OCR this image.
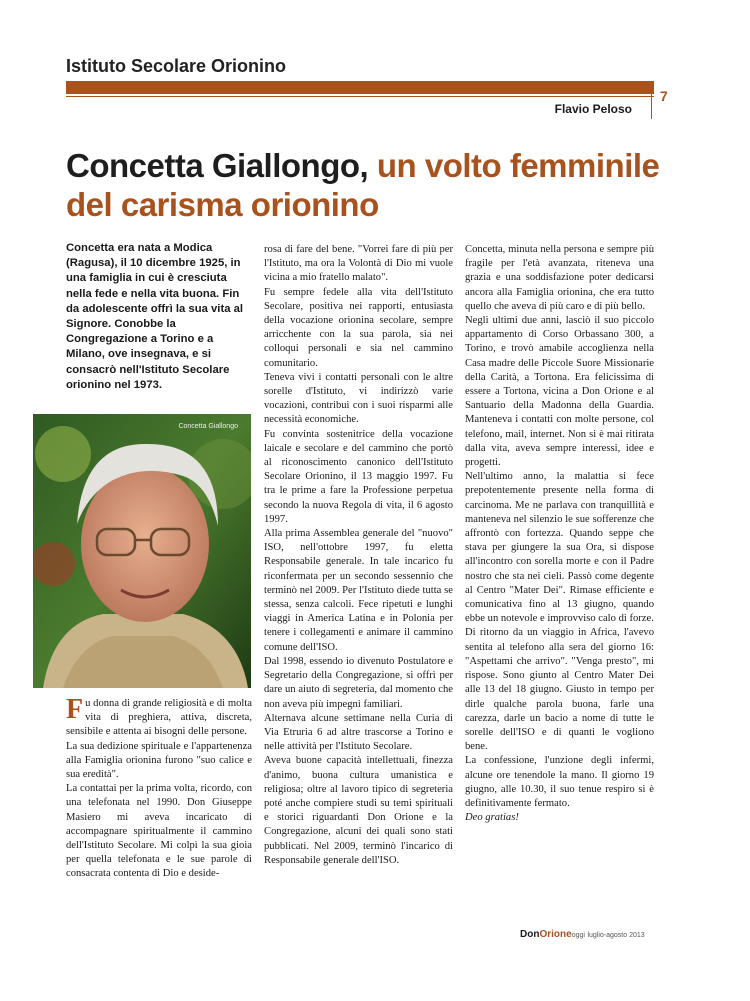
Istituto Secolare Orionino
Flavio Peloso
7
Concetta Giallongo, un volto femminile del carisma orionino
Concetta era nata a Modica (Ragusa), il 10 dicembre 1925, in una famiglia in cui è cresciuta nella fede e nella vita buona. Fin da adolescente offrì la sua vita al Signore. Conobbe la Congregazione a Torino e a Milano, ove insegnava, e si consacrò nell'Istituto Secolare orionino nel 1973.
Concetta Giallongo

Fu donna di grande religiosità e di molta vita di preghiera, attiva, discreta, sensibile e attenta ai bisogni delle persone.

La sua dedizione spirituale e l'appartenenza alla Famiglia orionina furono "suo calice e sua eredità".

La contattai per la prima volta, ricordo, con una telefonata nel 1990. Don Giuseppe Masiero mi aveva incaricato di accompagnare spiritualmente il cammino dell'Istituto Secolare. Mi colpì la sua gioia per quella telefonata e le sue parole di consacrata contenta di Dio e deside-

rosa di fare del bene. "Vorrei fare di più per l'Istituto, ma ora la Volontà di Dio mi vuole vicina a mio fratello malato".

Fu sempre fedele alla vita dell'Istituto Secolare, positiva nei rapporti, entusiasta della vocazione orionina secolare, sempre arricchente con la sua parola, sia nei colloqui personali e sia nel cammino comunitario.

Teneva vivi i contatti personali con le altre sorelle d'Istituto, vi indirizzò varie vocazioni, contribuì con i suoi risparmi alle necessità economiche.

Fu convinta sostenitrice della vocazione laicale e secolare e del cammino che portò al riconoscimento canonico dell'Istituto Secolare Orionino, il 13 maggio 1997. Fu tra le prime a fare la Professione perpetua secondo la nuova Regola di vita, il 6 agosto 1997.

Alla prima Assemblea generale del "nuovo" ISO, nell'ottobre 1997, fu eletta Responsabile generale. In tale incarico fu riconfermata per un secondo sessennio che terminò nel 2009. Per l'Istituto diede tutta se stessa, senza calcoli. Fece ripetuti e lunghi viaggi in America Latina e in Polonia per tenere i collegamenti e animare il cammino comune dell'ISO.

Dal 1998, essendo io divenuto Postulatore e Segretario della Congregazione, si offrì per dare un aiuto di segreteria, dal momento che non aveva più impegni familiari.

Alternava alcune settimane nella Curia di Via Etruria 6 ad altre trascorse a Torino e nelle attività per l'Istituto Secolare.

Aveva buone capacità intellettuali, finezza d'animo, buona cultura umanistica e religiosa; oltre al lavoro tipico di segreteria poté anche compiere studi su temi spirituali e storici riguardanti Don Orione e la Congregazione, alcuni dei quali sono stati pubblicati. Nel 2009, terminò l'incarico di Responsabile generale dell'ISO.

Concetta, minuta nella persona e sempre più fragile per l'età avanzata, riteneva una grazia e una soddisfazione poter dedicarsi ancora alla Famiglia orionina, che era tutto quello che aveva di più caro e di più bello.

Negli ultimi due anni, lasciò il suo piccolo appartamento di Corso Orbassano 300, a Torino, e trovò amabile accoglienza nella Casa madre delle Piccole Suore Missionarie della Carità, a Tortona. Era felicissima di essere a Tortona, vicina a Don Orione e al Santuario della Madonna della Guardia. Manteneva i contatti con molte persone, col telefono, mail, internet. Non si è mai ritirata dalla vita, aveva sempre interessi, idee e progetti.

Nell'ultimo anno, la malattia si fece prepotentemente presente nella forma di carcinoma. Me ne parlava con tranquillità e manteneva nel silenzio le sue sofferenze che affrontò con fortezza. Quando seppe che stava per giungere la sua Ora, si dispose all'incontro con sorella morte e con il Padre nostro che sta nei cieli. Passò come degente al Centro "Mater Dei". Rimase efficiente e comunicativa fino al 13 giugno, quando ebbe un notevole e improvviso calo di forze.

Di ritorno da un viaggio in Africa, l'avevo sentita al telefono alla sera del giorno 16: "Aspettami che arrivo". "Venga presto", mi rispose. Sono giunto al Centro Mater Dei alle 13 del 18 giugno. Giusto in tempo per dirle qualche parola buona, farle una carezza, darle un bacio a nome di tutte le sorelle dell'ISO e di quanti le vogliono bene.

La confessione, l'unzione degli infermi, alcune ore tenendole la mano. Il giorno 19 giugno, alle 10.30, il suo tenue respiro si è definitivamente fermato.

Deo gratias!

DonOrioneoggi luglio-agosto 2013
